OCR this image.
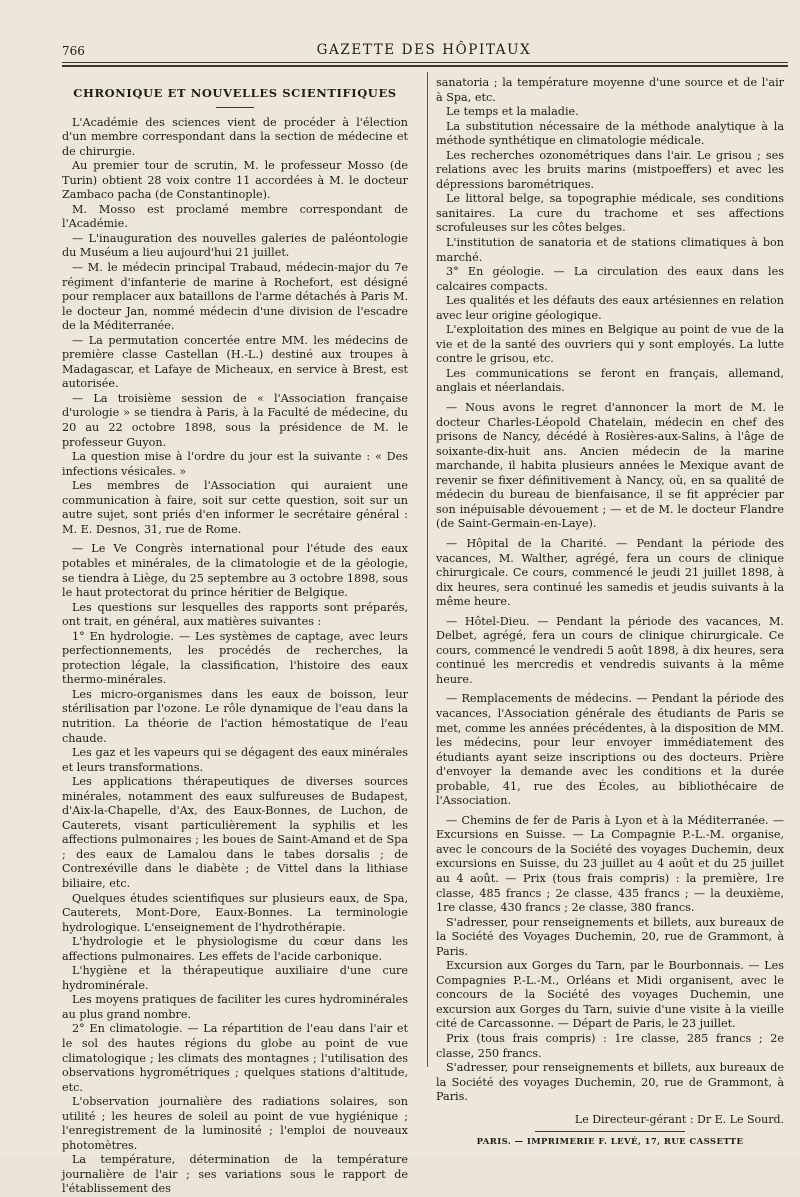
766	GAZETTE DES HÔPITAUX
CHRONIQUE ET NOUVELLES SCIENTIFIQUES

L'Académie des sciences vient de procéder à l'élection d'un membre correspondant dans la section de médecine et de chirurgie.

Au premier tour de scrutin, M. le professeur Mosso (de Turin) obtient 28 voix contre 11 accordées à M. le docteur Zambaco pacha (de Constantinople).

M. Mosso est proclamé membre correspondant de l'Académie.

— L'inauguration des nouvelles galeries de paléontologie du Muséum a lieu aujourd'hui 21 juillet.

— M. le médecin principal Trabaud, médecin-major du 7e régiment d'infanterie de marine à Rochefort, est désigné pour remplacer aux bataillons de l'arme détachés à Paris M. le docteur Jan, nommé médecin d'une division de l'escadre de la Méditerranée.

— La permutation concertée entre MM. les médecins de première classe Castellan (H.-L.) destiné aux troupes à Madagascar, et Lafaye de Micheaux, en service à Brest, est autorisée.

— La troisième session de « l'Association française d'urologie » se tiendra à Paris, à la Faculté de médecine, du 20 au 22 octobre 1898, sous la présidence de M. le professeur Guyon.

La question mise à l'ordre du jour est la suivante : « Des infections vésicales. »

Les membres de l'Association qui auraient une communication à faire, soit sur cette question, soit sur un autre sujet, sont priés d'en informer le secrétaire général : M. E. Desnos, 31, rue de Rome.

— Le Ve Congrès international pour l'étude des eaux potables et minérales, de la climatologie et de la géologie, se tiendra à Liège, du 25 septembre au 3 octobre 1898, sous le haut protectorat du prince héritier de Belgique.

Les questions sur lesquelles des rapports sont préparés, ont trait, en général, aux matières suivantes :

1° En hydrologie. — Les systèmes de captage, avec leurs perfectionnements, les procédés de recherches, la protection légale, la classification, l'histoire des eaux thermo-minérales.

Les micro-organismes dans les eaux de boisson, leur stérilisation par l'ozone. Le rôle dynamique de l'eau dans la nutrition. La théorie de l'action hémostatique de l'eau chaude.

Les gaz et les vapeurs qui se dégagent des eaux minérales et leurs transformations.

Les applications thérapeutiques de diverses sources minérales, notamment des eaux sulfureuses de Budapest, d'Aix-la-Chapelle, d'Ax, des Eaux-Bonnes, de Luchon, de Cauterets, visant particulièrement la syphilis et les affections pulmonaires ; les boues de Saint-Amand et de Spa ; des eaux de Lamalou dans le tabes dorsalis ; de Contrexéville dans le diabète ; de Vittel dans la lithiase biliaire, etc.

Quelques études scientifiques sur plusieurs eaux, de Spa, Cauterets, Mont-Dore, Eaux-Bonnes. La terminologie hydrologique. L'enseignement de l'hydrothérapie.

L'hydrologie et le physiologisme du cœur dans les affections pulmonaires. Les effets de l'acide carbonique.

L'hygiène et la thérapeutique auxiliaire d'une cure hydrominérale.

Les moyens pratiques de faciliter les cures hydrominérales au plus grand nombre.

2° En climatologie. — La répartition de l'eau dans l'air et le sol des hautes régions du globe au point de vue climatologique ; les climats des montagnes ; l'utilisation des observations hygrométriques ; quelques stations d'altitude, etc.

L'observation journalière des radiations solaires, son utilité ; les heures de soleil au point de vue hygiénique ; l'enregistrement de la luminosité ; l'emploi de nouveaux photomètres.

La température, détermination de la température journalière de l'air ; ses variations sous le rapport de l'établissement des

sanatoria ; la température moyenne d'une source et de l'air à Spa, etc.

Le temps et la maladie.

La substitution nécessaire de la méthode analytique à la méthode synthétique en climatologie médicale.

Les recherches ozonométriques dans l'air. Le grisou ; ses relations avec les bruits marins (mistpoeffers) et avec les dépressions barométriques.

Le littoral belge, sa topographie médicale, ses conditions sanitaires. La cure du trachome et ses affections scrofuleuses sur les côtes belges.

L'institution de sanatoria et de stations climatiques à bon marché.

3° En géologie. — La circulation des eaux dans les calcaires compacts.

Les qualités et les défauts des eaux artésiennes en relation avec leur origine géologique.

L'exploitation des mines en Belgique au point de vue de la vie et de la santé des ouvriers qui y sont employés. La lutte contre le grisou, etc.

Les communications se feront en français, allemand, anglais et néerlandais.

— Nous avons le regret d'annoncer la mort de M. le docteur Charles-Léopold Chatelain, médecin en chef des prisons de Nancy, décédé à Rosières-aux-Salins, à l'âge de soixante-dix-huit ans. Ancien médecin de la marine marchande, il habita plusieurs années le Mexique avant de revenir se fixer définitivement à Nancy, où, en sa qualité de médecin du bureau de bienfaisance, il se fit apprécier par son inépuisable dévouement ; — et de M. le docteur Flandre (de Saint-Germain-en-Laye).

— Hôpital de la Charité. — Pendant la période des vacances, M. Walther, agrégé, fera un cours de clinique chirurgicale. Ce cours, commencé le jeudi 21 juillet 1898, à dix heures, sera continué les samedis et jeudis suivants à la même heure.

— Hôtel-Dieu. — Pendant la période des vacances, M. Delbet, agrégé, fera un cours de clinique chirurgicale. Ce cours, commencé le vendredi 5 août 1898, à dix heures, sera continué les mercredis et vendredis suivants à la même heure.

— Remplacements de médecins. — Pendant la période des vacances, l'Association générale des étudiants de Paris se met, comme les années précédentes, à la disposition de MM. les médecins, pour leur envoyer immédiatement des étudiants ayant seize inscriptions ou des docteurs. Prière d'envoyer la demande avec les conditions et la durée probable, 41, rue des Écoles, au bibliothécaire de l'Association.

— Chemins de fer de Paris à Lyon et à la Méditerranée. — Excursions en Suisse. — La Compagnie P.-L.-M. organise, avec le concours de la Société des voyages Duchemin, deux excursions en Suisse, du 23 juillet au 4 août et du 25 juillet au 4 août. — Prix (tous frais compris) : la première, 1re classe, 485 francs ; 2e classe, 435 francs ; — la deuxième, 1re classe, 430 francs ; 2e classe, 380 francs.

S'adresser, pour renseignements et billets, aux bureaux de la Société des Voyages Duchemin, 20, rue de Grammont, à Paris.

Excursion aux Gorges du Tarn, par le Bourbonnais. — Les Compagnies P.-L.-M., Orléans et Midi organisent, avec le concours de la Société des voyages Duchemin, une excursion aux Gorges du Tarn, suivie d'une visite à la vieille cité de Carcassonne. — Départ de Paris, le 23 juillet.

Prix (tous frais compris) : 1re classe, 285 francs ; 2e classe, 250 francs.

S'adresser, pour renseignements et billets, aux bureaux de la Société des voyages Duchemin, 20, rue de Grammont, à Paris.

Le Directeur-gérant : Dr E. Le Sourd.
PARIS. — IMPRIMERIE F. LEVÉ, 17, RUE CASSETTE
